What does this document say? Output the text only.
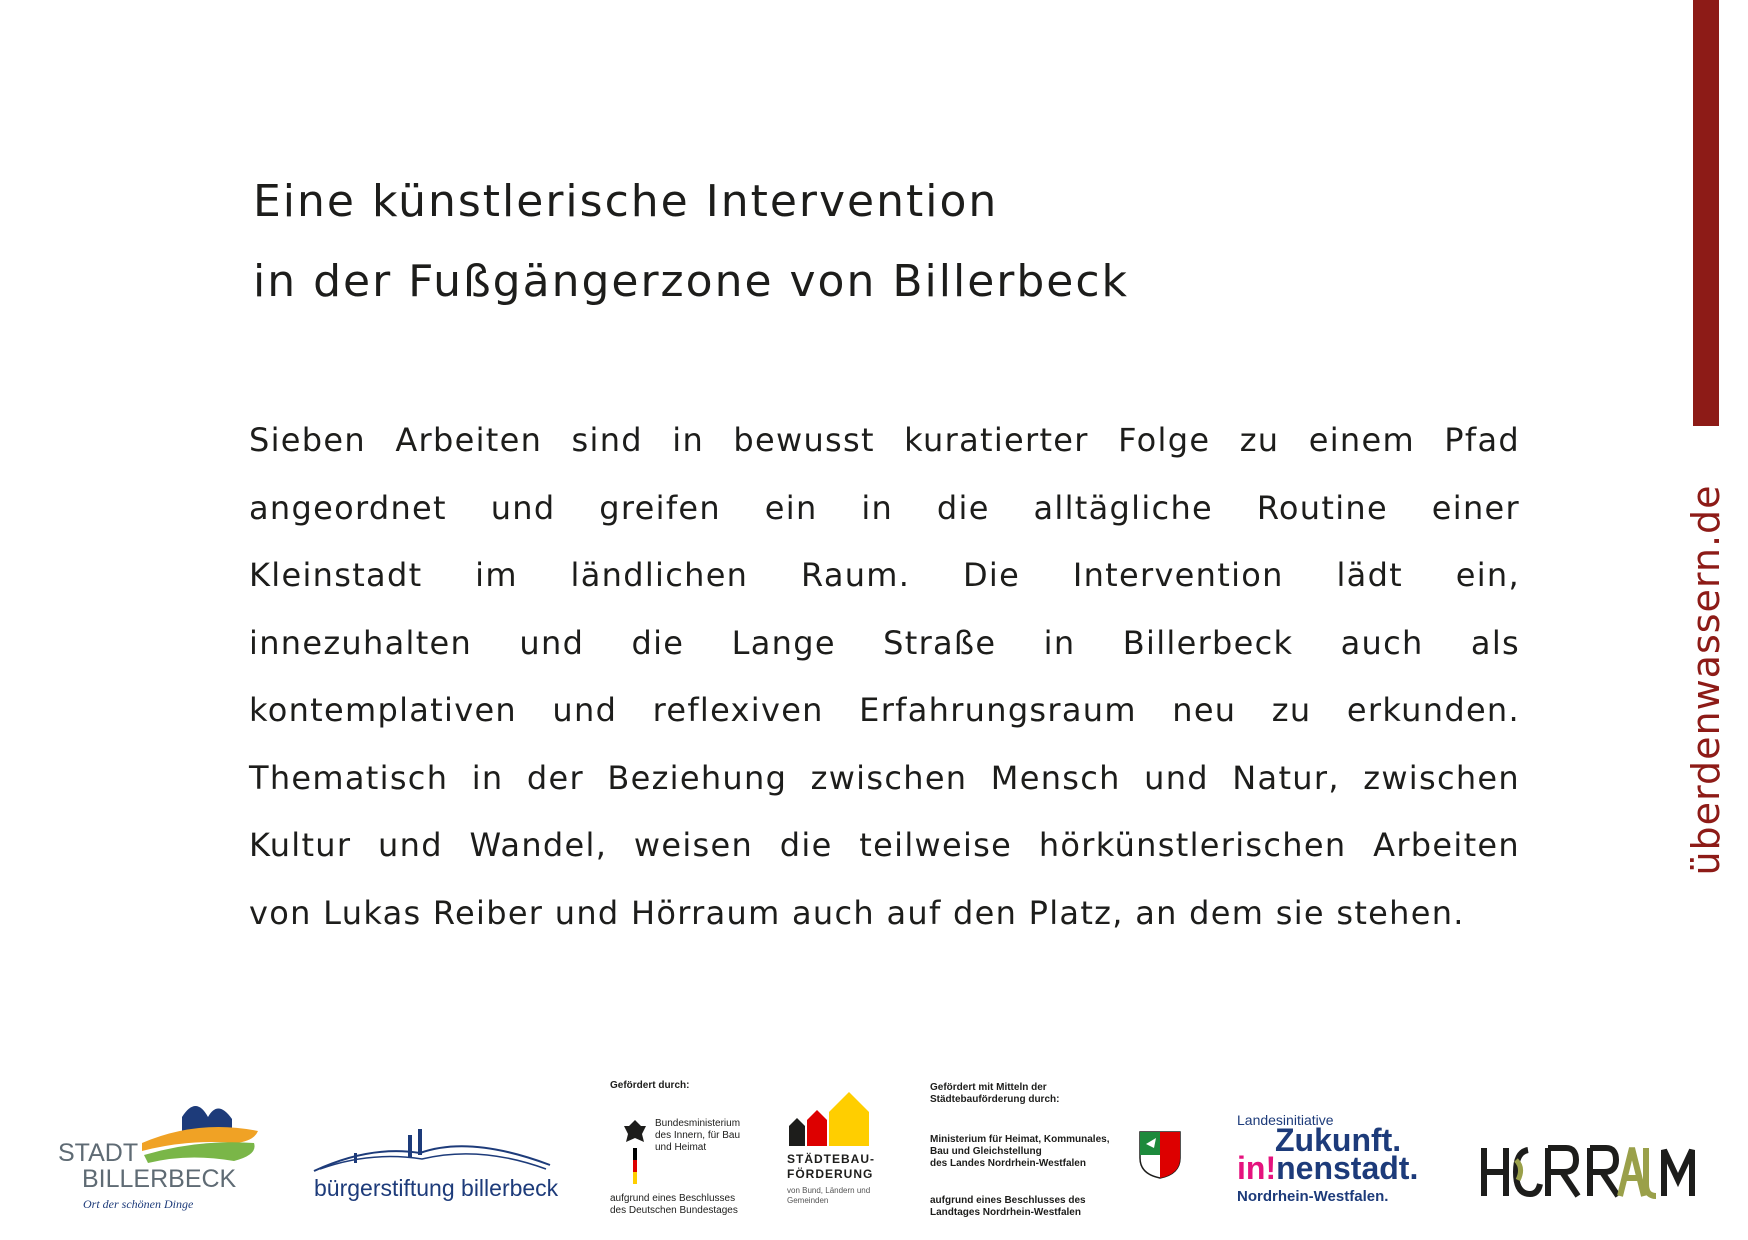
überdenwassern.de
Eine künstlerische Intervention
in der Fußgängerzone von Billerbeck
Sieben Arbeiten sind in bewusst kuratierter Folge zu einem Pfad
angeordnet und greifen ein in die alltägliche Routine einer
Kleinstadt im ländlichen Raum. Die Intervention lädt ein,
innezuhalten und die Lange Straße in Billerbeck auch als
kontemplativen und reflexiven Erfahrungsraum neu zu erkunden.
Thematisch in der Beziehung zwischen Mensch und Natur, zwischen
Kultur und Wandel, weisen die teilweise hörkünstlerischen Arbeiten
von Lukas Reiber und Hörraum auch auf den Platz, an dem sie stehen.
STADT
BILLERBECK
Ort der schönen Dinge
bürgerstiftung billerbeck
Gefördert durch:
Bundesministerium
des Innern, für Bau
und Heimat
aufgrund eines Beschlusses
des Deutschen Bundestages
STÄDTEBAU-
FÖRDERUNG
von Bund, Ländern und
Gemeinden
Gefördert mit Mitteln der
Städtebauförderung durch:
Ministerium für Heimat, Kommunales,
Bau und Gleichstellung
des Landes Nordrhein-Westfalen
aufgrund eines Beschlusses des
Landtages Nordrhein-Westfalen
Landesinitiative
Zukunft.
in!nenstadt.
Nordrhein-Westfalen.
HÖRRAUM
